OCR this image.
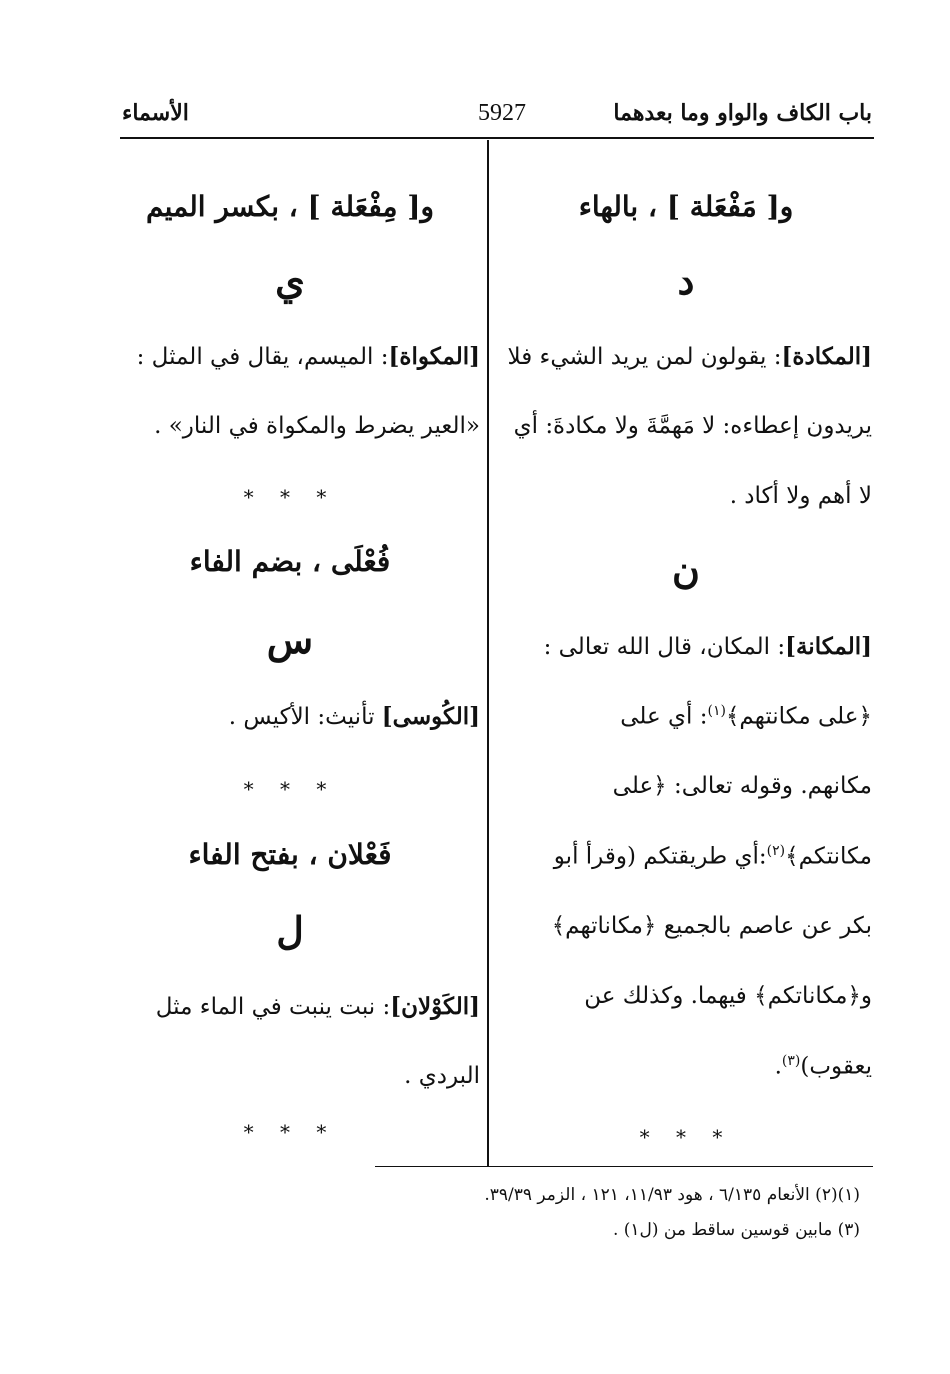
باب الكاف والواو وما بعدهما
5927
الأسماء
و[ مَفْعَلة ] ، بالهاء
د
[المكادة]: يقولون لمن يريد الشيء فلا
يريدون إعطاءه: لا مَهمَّةَ ولا مكادةَ: أي
لا أهم ولا أكاد .
ن
[المكانة]: المكان، قال الله تعالى :
﴿على مكانتهم﴾$^{(١)}$: أي على
مكانهم. وقوله تعالى: ﴿على
مكانتكم﴾$^{(٢)}$:أي طريقتكم (وقرأ أبو
بكر عن عاصم بالجميع ﴿مكاناتهم﴾
و﴿مكاناتكم﴾ فيهما. وكذلك عن
يعقوب)$^{(٣)}$.
* * *
و[ مِفْعَلة ] ، بكسر الميم
ي
[المكواة]: الميسم، يقال في المثل :
«العير يضرط والمكواة في النار» .
* * *
فُعْلَى ، بضم الفاء
س
[الكُوسى] تأنيث: الأكيس .
* * *
فَعْلان ، بفتح الفاء
ل
[الكَوْلان]: نبت ينبت في الماء مثل
البردي .
* * *
(١)(٢) الأنعام ٦/١٣٥ ، هود ١١/٩٣، ١٢١ ، الزمر ٣٩/٣٩.
(٣) مابين قوسين ساقط من (ل١) .
